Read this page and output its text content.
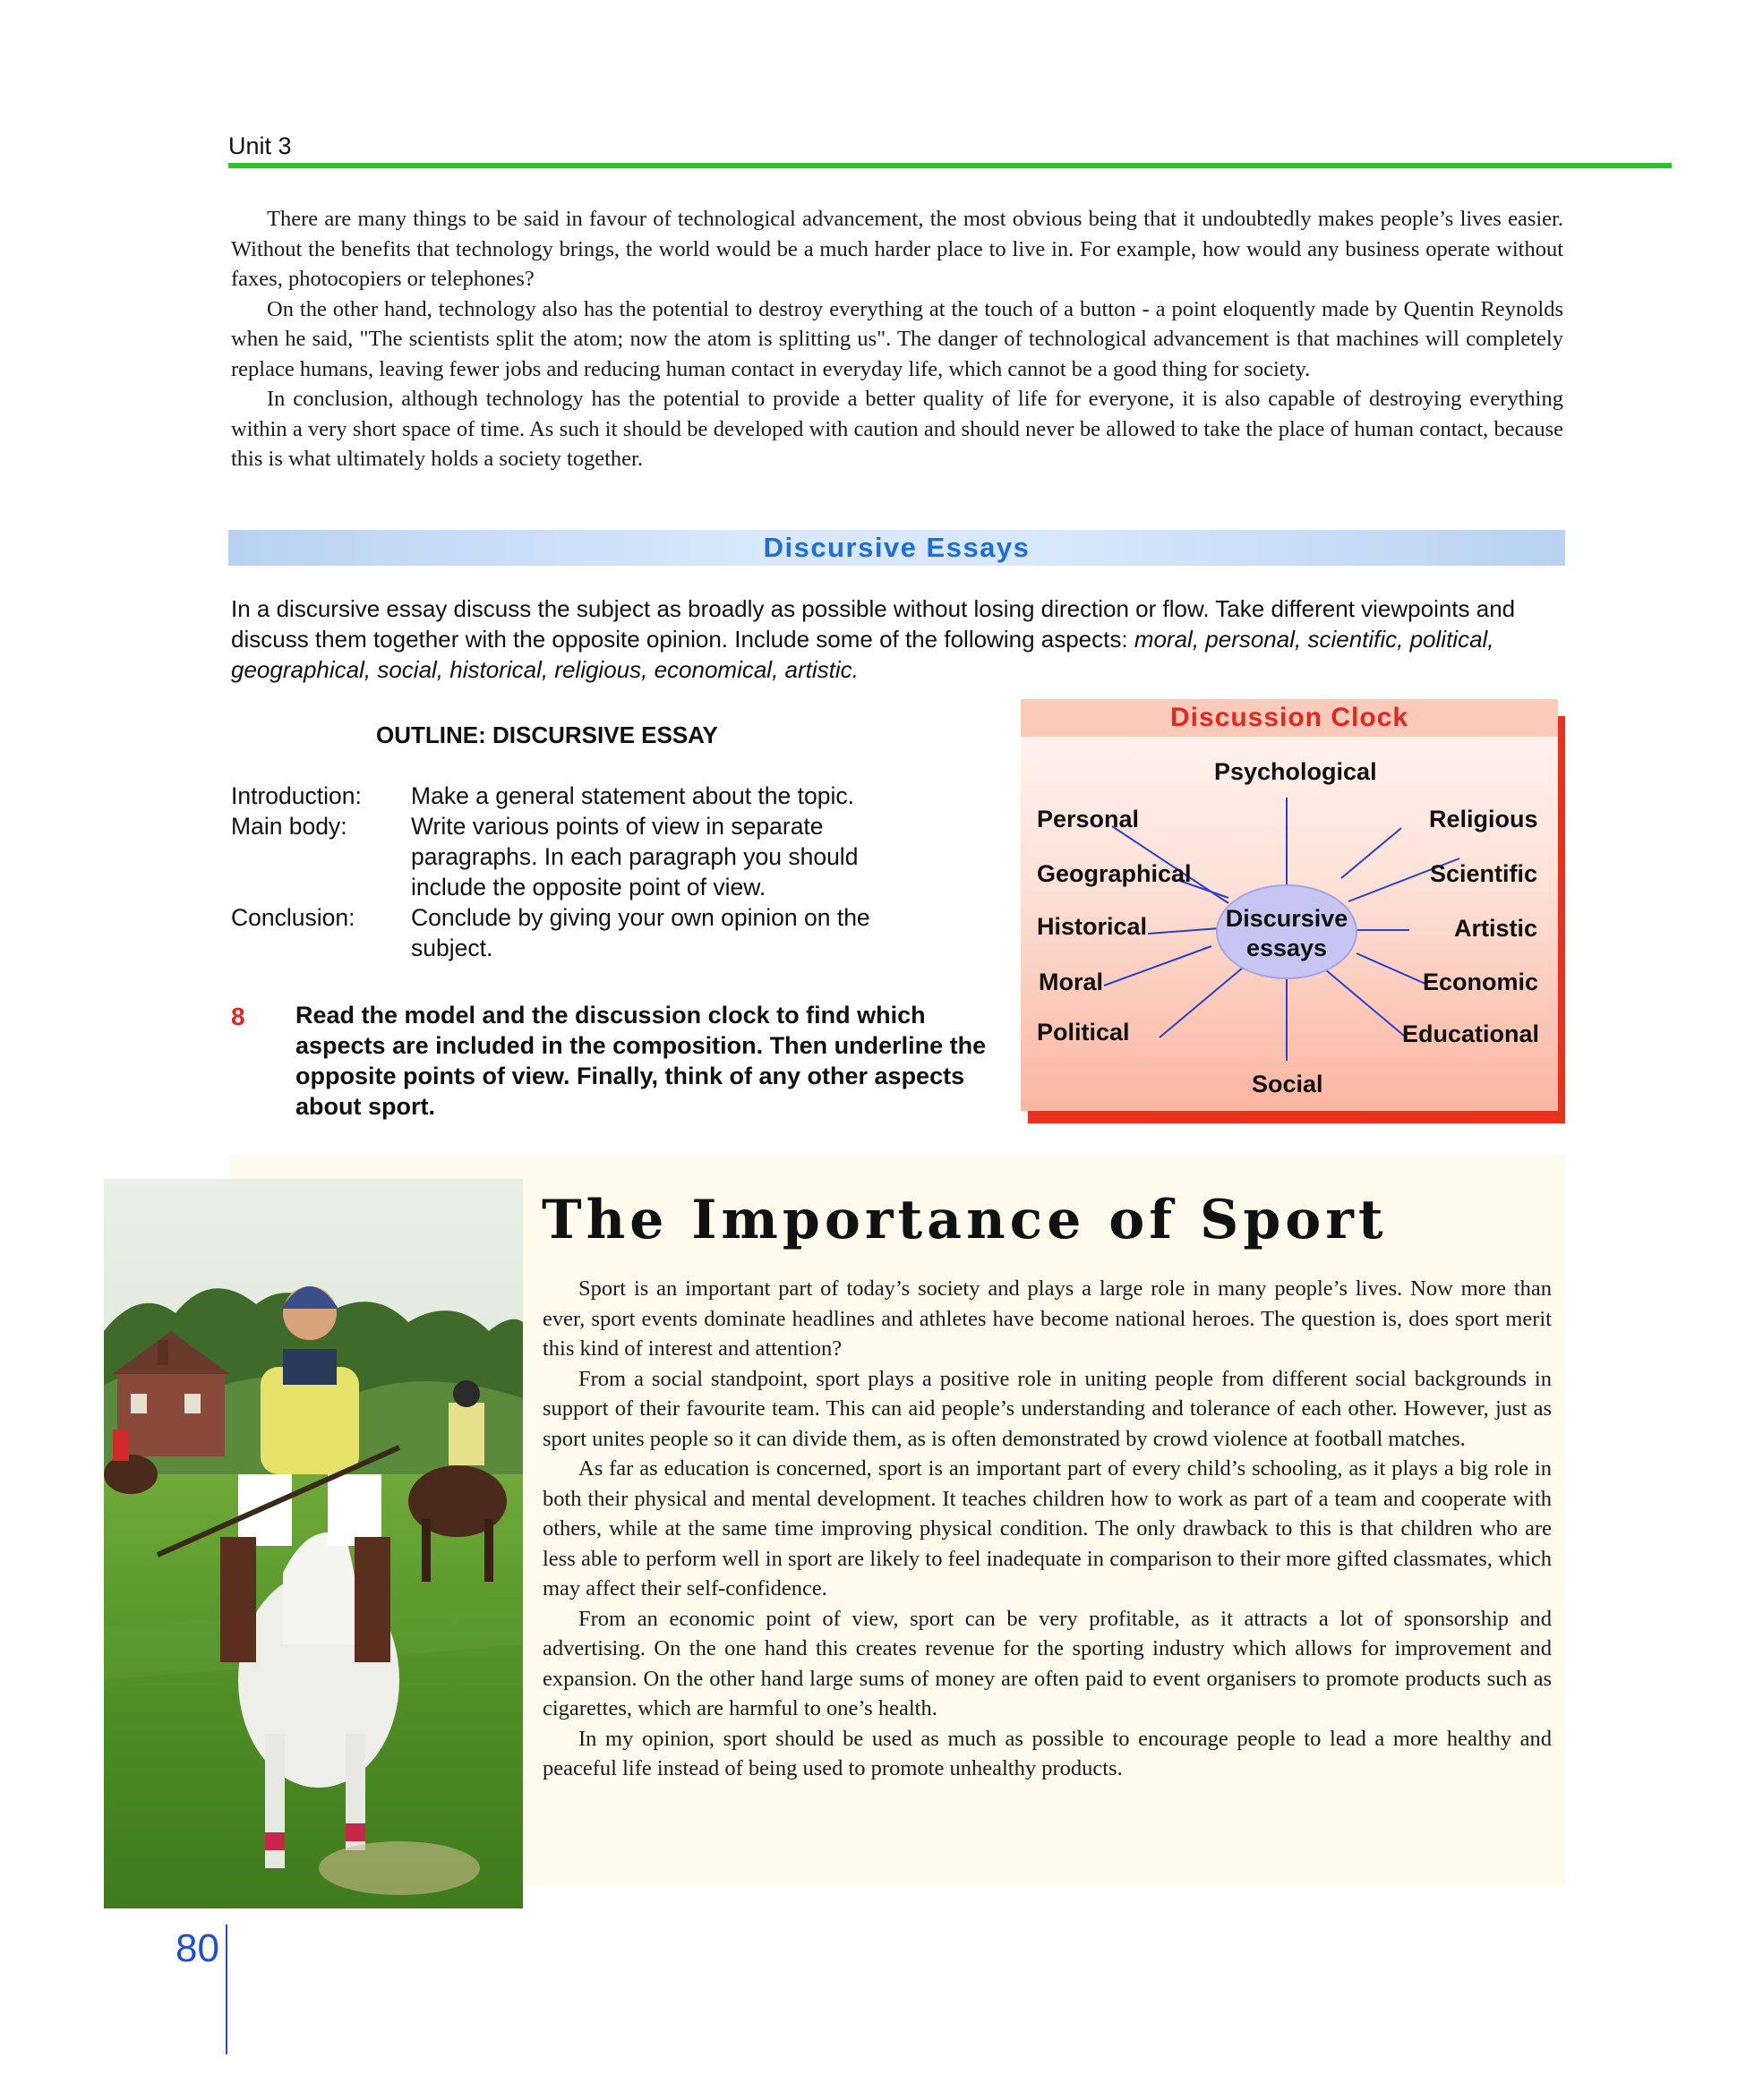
Unit 3

There are many things to be said in favour of technological advancement, the most obvious being that it undoubtedly makes people’s lives easier. Without the benefits that technology brings, the world would be a much harder place to live in. For example, how would any business operate without faxes, photocopiers or telephones?

On the other hand, technology also has the potential to destroy everything at the touch of a button - a point eloquently made by Quentin Reynolds when he said, "The scientists split the atom; now the atom is splitting us". The danger of technological advancement is that machines will completely replace humans, leaving fewer jobs and reducing human contact in everyday life, which cannot be a good thing for society.

In conclusion, although technology has the potential to provide a better quality of life for everyone, it is also capable of destroying everything within a very short space of time. As such it should be developed with caution and should never be allowed to take the place of human contact, because this is what ultimately holds a society together.

Discursive Essays
In a discursive essay discuss the subject as broadly as possible without losing direction or flow. Take different viewpoints and discuss them together with the opposite opinion. Include some of the following aspects: moral, personal, scientific, political, geographical, social, historical, religious, economical, artistic.
OUTLINE: DISCURSIVE ESSAY
Introduction: Make a general statement about the topic.
Main body:	Write various points of view in separate paragraphs. In each paragraph you should include the opposite point of view.
Conclusion: Conclude by giving your own opinion on the subject.
8 Read the model and the discussion clock to find which aspects are included in the composition. Then underline the opposite points of view. Finally, think of any other aspects about sport.
Discussion Clock
Discursive essays
Psychological
Personal	Religious
Geographical	Scientific
Historical	Artistic
Moral	Economic
Political	Educational
Social
The Importance of Sport

Sport is an important part of today’s society and plays a large role in many people’s lives. Now more than ever, sport events dominate headlines and athletes have become national heroes. The question is, does sport merit this kind of interest and attention?

From a social standpoint, sport plays a positive role in uniting people from different social backgrounds in support of their favourite team. This can aid people’s understanding and tolerance of each other. However, just as sport unites people so it can divide them, as is often demonstrated by crowd violence at football matches.

As far as education is concerned, sport is an important part of every child’s schooling, as it plays a big role in both their physical and mental development. It teaches children how to work as part of a team and cooperate with others, while at the same time improving physical condition. The only drawback to this is that children who are less able to perform well in sport are likely to feel inadequate in comparison to their more gifted classmates, which may affect their self-confidence.

From an economic point of view, sport can be very profitable, as it attracts a lot of sponsorship and advertising. On the one hand this creates revenue for the sporting industry which allows for improvement and expansion. On the other hand large sums of money are often paid to event organisers to promote products such as cigarettes, which are harmful to one’s health.

In my opinion, sport should be used as much as possible to encourage people to lead a more healthy and peaceful life instead of being used to promote unhealthy products.

80
